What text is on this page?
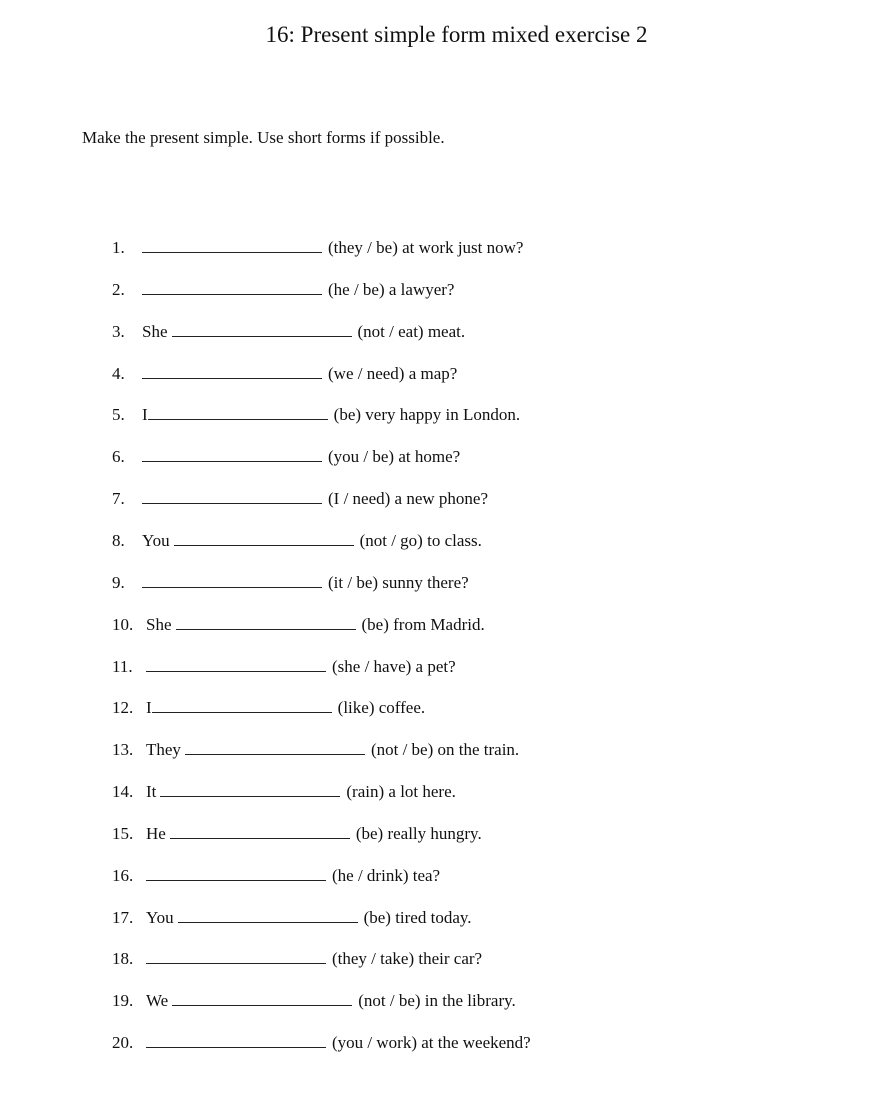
16: Present simple form mixed exercise 2
Make the present simple. Use short forms if possible.
1.	(they / be) at work just now?
2.	(he / be) a lawyer?
3. She	(not / eat) meat.
4.	(we / need) a map?
5. I	(be) very happy in London.
6.	(you / be) at home?
7.	(I / need) a new phone?
8. You	(not / go) to class.
9.	(it / be) sunny there?
10. She	(be) from Madrid.
11.	(she / have) a pet?
12. I	(like) coffee.
13. They	(not / be) on the train.
14. It	(rain) a lot here.
15. He	(be) really hungry.
16.	(he / drink) tea?
17. You	(be) tired today.
18.	(they / take) their car?
19. We	(not / be) in the library.
20.	(you / work) at the weekend?
